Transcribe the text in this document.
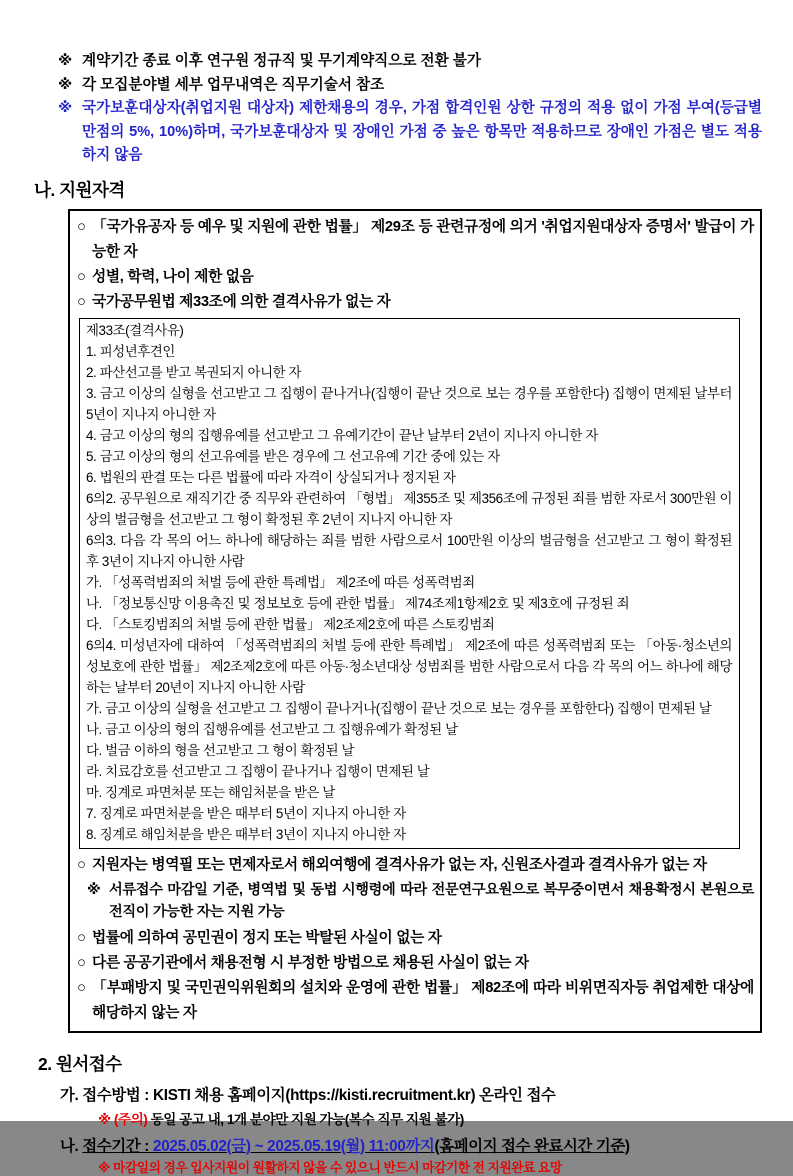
※ 계약기간 종료 이후 연구원 정규직 및 무기계약직으로 전환 불가
※ 각 모집분야별 세부 업무내역은 직무기술서 참조
※ 국가보훈대상자(취업지원 대상자) 제한채용의 경우, 가점 합격인원 상한 규정의 적용 없이 가점 부여(등급별 만점의 5%, 10%)하며, 국가보훈대상자 및 장애인 가점 중 높은 항목만 적용하므로 장애인 가점은 별도 적용하지 않음
나. 지원자격
○ 「국가유공자 등 예우 및 지원에 관한 법률」 제29조 등 관련규정에 의거 '취업지원대상자 증명서' 발급이 가능한 자
○ 성별, 학력, 나이 제한 없음
○ 국가공무원법 제33조에 의한 결격사유가 없는 자
제33조(결격사유)
1. 피성년후견인
2. 파산선고를 받고 복권되지 아니한 자
3. 금고 이상의 실형을 선고받고 그 집행이 끝나거나(집행이 끝난 것으로 보는 경우를 포함한다) 집행이 면제된 날부터 5년이 지나지 아니한 자
4. 금고 이상의 형의 집행유예를 선고받고 그 유예기간이 끝난 날부터 2년이 지나지 아니한 자
5. 금고 이상의 형의 선고유예를 받은 경우에 그 선고유예 기간 중에 있는 자
6. 법원의 판결 또는 다른 법률에 따라 자격이 상실되거나 정지된 자
6의2. 공무원으로 재직기간 중 직무와 관련하여 「형법」 제355조 및 제356조에 규정된 죄를 범한 자로서 300만원 이상의 벌금형을 선고받고 그 형이 확정된 후 2년이 지나지 아니한 자
6의3. 다음 각 목의 어느 하나에 해당하는 죄를 범한 사람으로서 100만원 이상의 벌금형을 선고받고 그 형이 확정된 후 3년이 지나지 아니한 사람
가. 「성폭력범죄의 처벌 등에 관한 특례법」 제2조에 따른 성폭력범죄
나. 「정보통신망 이용촉진 및 정보보호 등에 관한 법률」 제74조제1항제2호 및 제3호에 규정된 죄
다. 「스토킹범죄의 처벌 등에 관한 법률」 제2조제2호에 따른 스토킹범죄
6의4. 미성년자에 대하여 「성폭력범죄의 처벌 등에 관한 특례법」 제2조에 따른 성폭력범죄 또는 「아동·청소년의 성보호에 관한 법률」 제2조제2호에 따른 아동·청소년대상 성범죄를 범한 사람으로서 다음 각 목의 어느 하나에 해당하는 날부터 20년이 지나지 아니한 사람
가. 금고 이상의 실형을 선고받고 그 집행이 끝나거나(집행이 끝난 것으로 보는 경우를 포함한다) 집행이 면제된 날
나. 금고 이상의 형의 집행유예를 선고받고 그 집행유예가 확정된 날
다. 벌금 이하의 형을 선고받고 그 형이 확정된 날
라. 치료감호를 선고받고 그 집행이 끝나거나 집행이 면제된 날
마. 징계로 파면처분 또는 해임처분을 받은 날
7. 징계로 파면처분을 받은 때부터 5년이 지나지 아니한 자
8. 징계로 해임처분을 받은 때부터 3년이 지나지 아니한 자
○ 지원자는 병역필 또는 면제자로서 해외여행에 결격사유가 없는 자, 신원조사결과 결격사유가 없는 자
※ 서류접수 마감일 기준, 병역법 및 동법 시행령에 따라 전문연구요원으로 복무중이면서 채용확정시 본원으로 전직이 가능한 자는 지원 가능
○ 법률에 의하여 공민권이 정지 또는 박탈된 사실이 없는 자
○ 다른 공공기관에서 채용전형 시 부정한 방법으로 채용된 사실이 없는 자
○ 「부패방지 및 국민권익위원회의 설치와 운영에 관한 법률」 제82조에 따라 비위면직자등 취업제한 대상에 해당하지 않는 자
2. 원서접수
가. 접수방법 : KISTI 채용 홈페이지(https://kisti.recruitment.kr) 온라인 접수
※ (주의) 동일 공고 내, 1개 분야만 지원 가능(복수 직무 지원 불가)
나. 접수기간 : 2025.05.02(금) ~ 2025.05.19(월) 11:00까지(홈페이지 접수 완료시간 기준)
※ 마감일의 경우 입사지원이 원활하지 않을 수 있으니 반드시 마감기한 전 지원완료 요망
